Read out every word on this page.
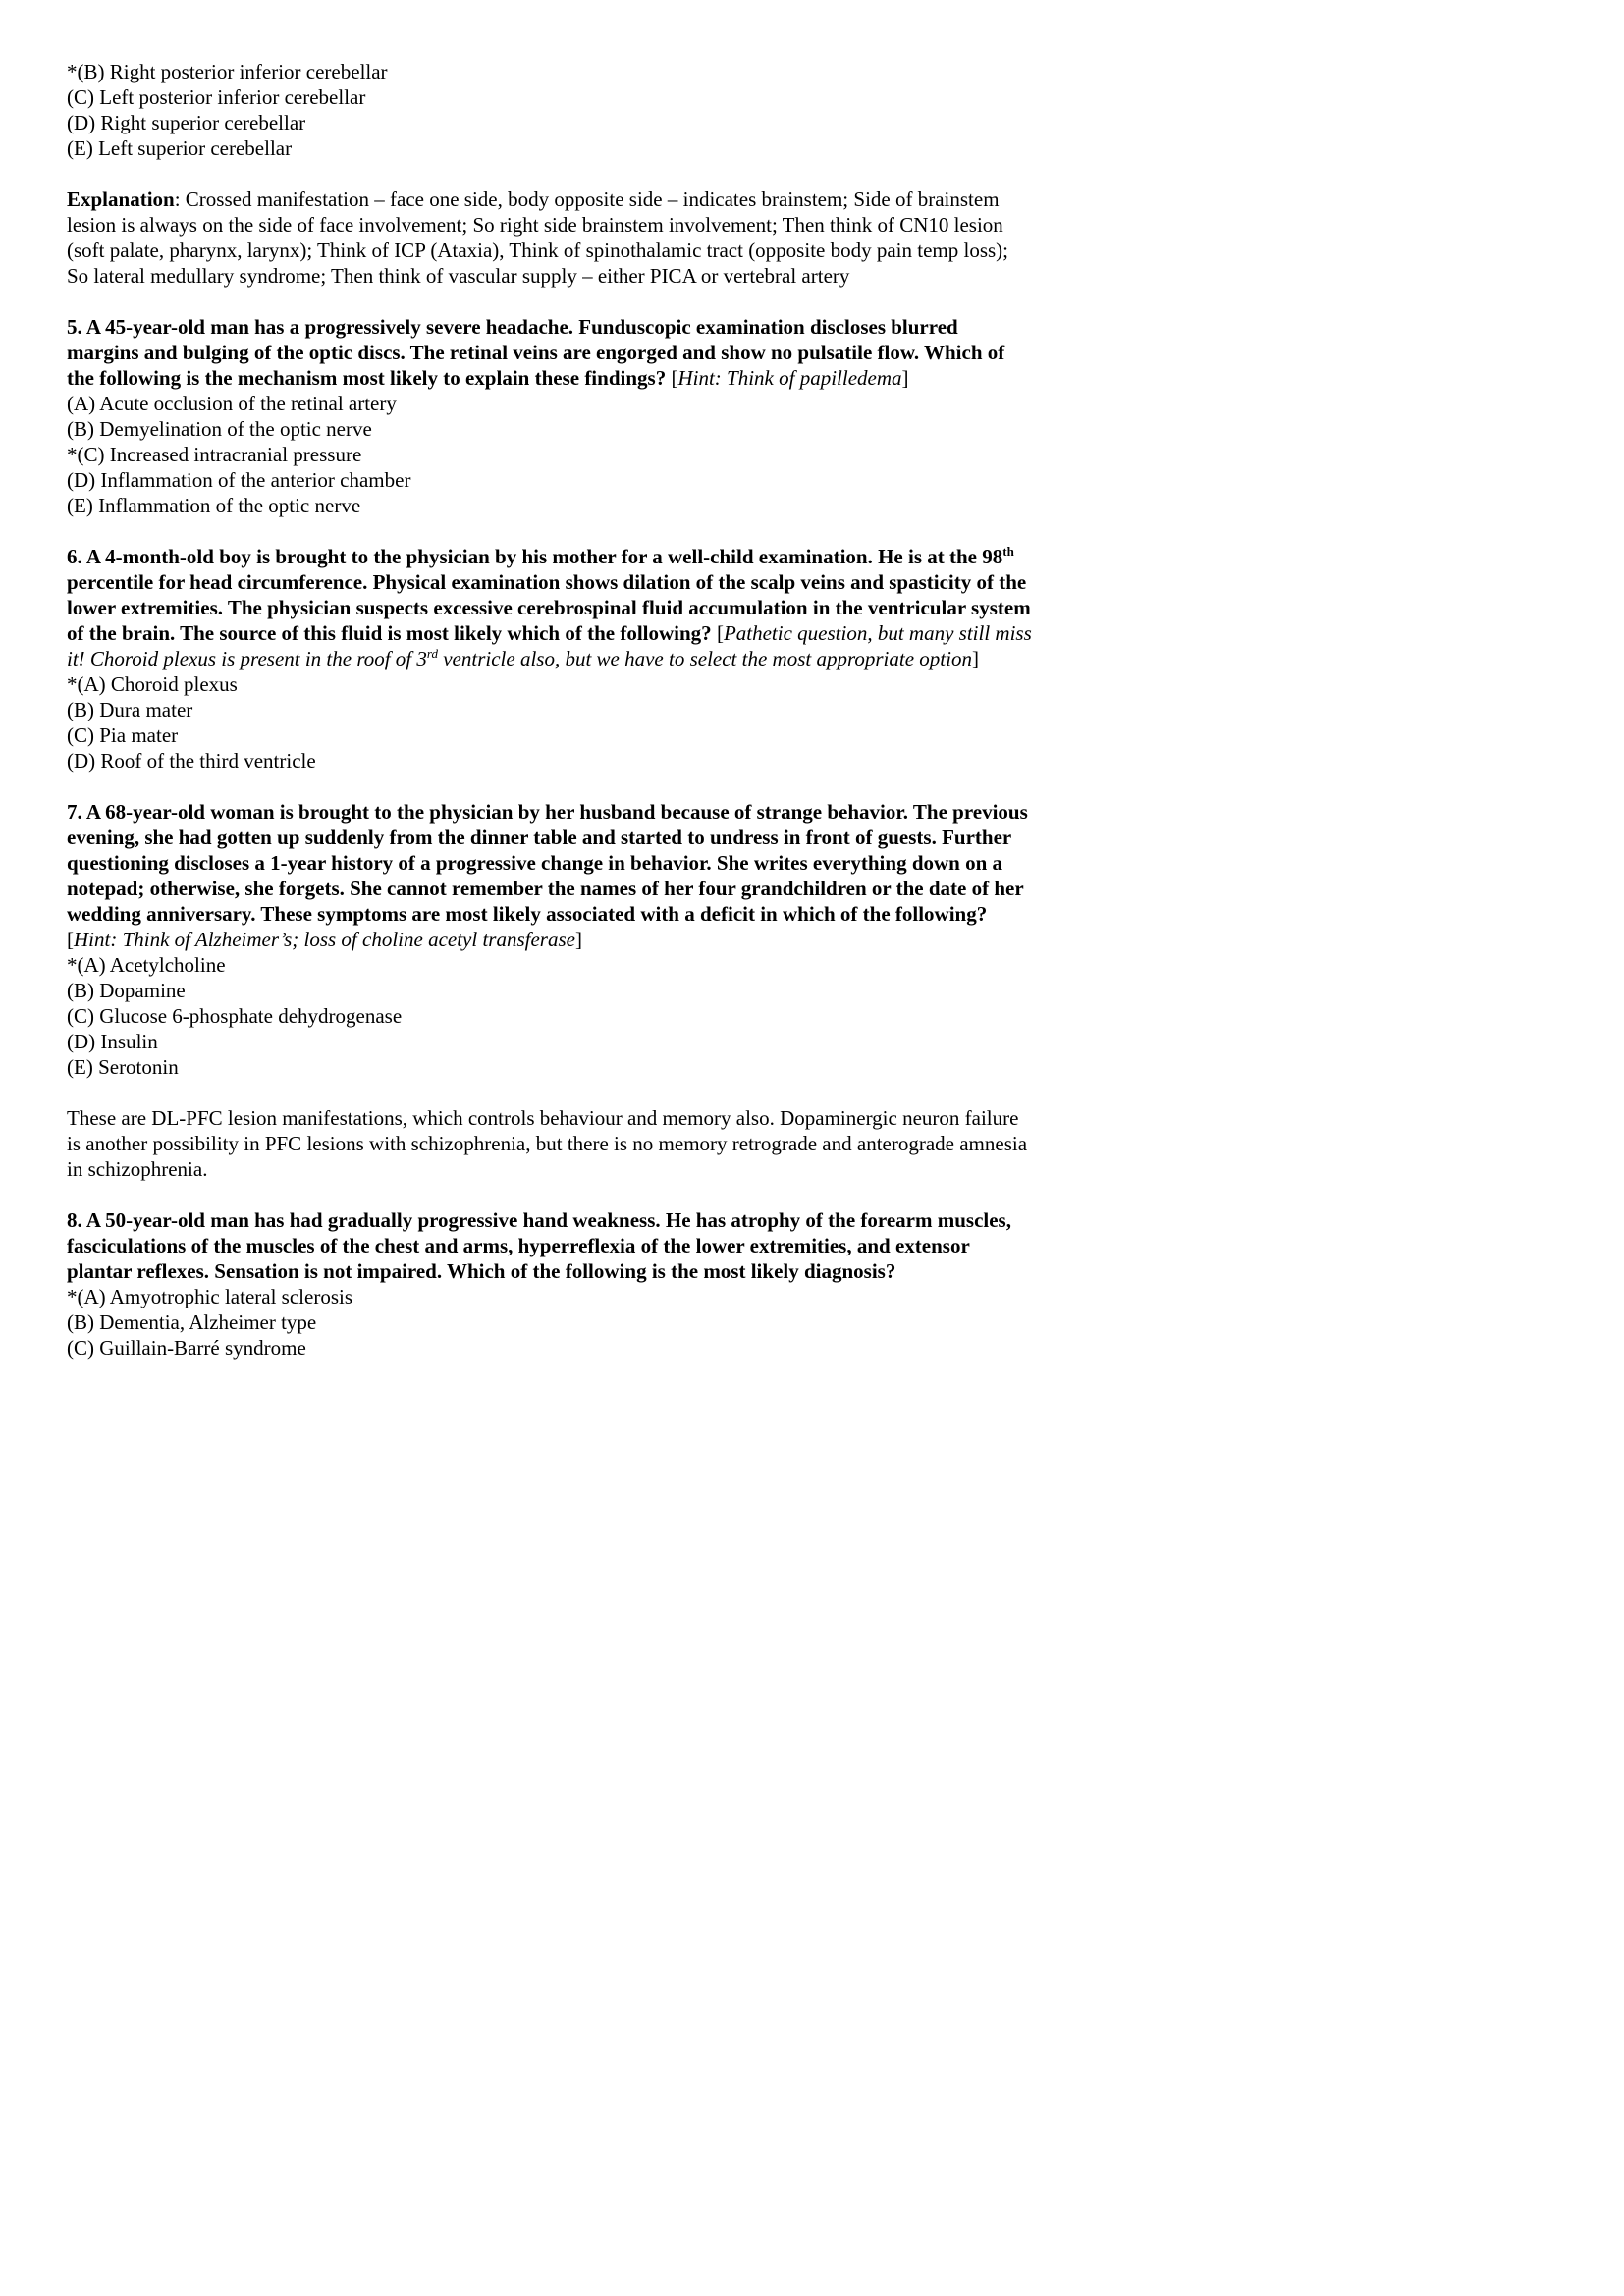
*(B) Right posterior inferior cerebellar

(C) Left posterior inferior cerebellar

(D) Right superior cerebellar

(E) Left superior cerebellar

Explanation: Crossed manifestation – face one side, body opposite side – indicates brainstem; Side of brainstem lesion is always on the side of face involvement; So right side brainstem involvement; Then think of CN10 lesion (soft palate, pharynx, larynx); Think of ICP (Ataxia), Think of spinothalamic tract (opposite body pain temp loss); So lateral medullary syndrome; Then think of vascular supply – either PICA or vertebral artery

5. A 45-year-old man has a progressively severe headache. Funduscopic examination discloses blurred margins and bulging of the optic discs. The retinal veins are engorged and show no pulsatile flow. Which of the following is the mechanism most likely to explain these findings? [Hint: Think of papilledema]

(A) Acute occlusion of the retinal artery

(B) Demyelination of the optic nerve

*(C) Increased intracranial pressure

(D) Inflammation of the anterior chamber

(E) Inflammation of the optic nerve

6. A 4-month-old boy is brought to the physician by his mother for a well-child examination. He is at the 98th percentile for head circumference. Physical examination shows dilation of the scalp veins and spasticity of the lower extremities. The physician suspects excessive cerebrospinal fluid accumulation in the ventricular system of the brain. The source of this fluid is most likely which of the following? [Pathetic question, but many still miss it! Choroid plexus is present in the roof of 3rd ventricle also, but we have to select the most appropriate option]

*(A) Choroid plexus

(B) Dura mater

(C) Pia mater

(D) Roof of the third ventricle

7. A 68-year-old woman is brought to the physician by her husband because of strange behavior. The previous evening, she had gotten up suddenly from the dinner table and started to undress in front of guests. Further questioning discloses a 1-year history of a progressive change in behavior. She writes everything down on a notepad; otherwise, she forgets. She cannot remember the names of her four grandchildren or the date of her wedding anniversary. These symptoms are most likely associated with a deficit in which of the following? [Hint: Think of Alzheimer’s; loss of choline acetyl transferase]

*(A) Acetylcholine

(B) Dopamine

(C) Glucose 6-phosphate dehydrogenase

(D) Insulin

(E) Serotonin

These are DL-PFC lesion manifestations, which controls behaviour and memory also. Dopaminergic neuron failure is another possibility in PFC lesions with schizophrenia, but there is no memory retrograde and anterograde amnesia in schizophrenia.

8. A 50-year-old man has had gradually progressive hand weakness. He has atrophy of the forearm muscles, fasciculations of the muscles of the chest and arms, hyperreflexia of the lower extremities, and extensor plantar reflexes. Sensation is not impaired. Which of the following is the most likely diagnosis?

*(A) Amyotrophic lateral sclerosis

(B) Dementia, Alzheimer type

(C) Guillain-Barré syndrome
